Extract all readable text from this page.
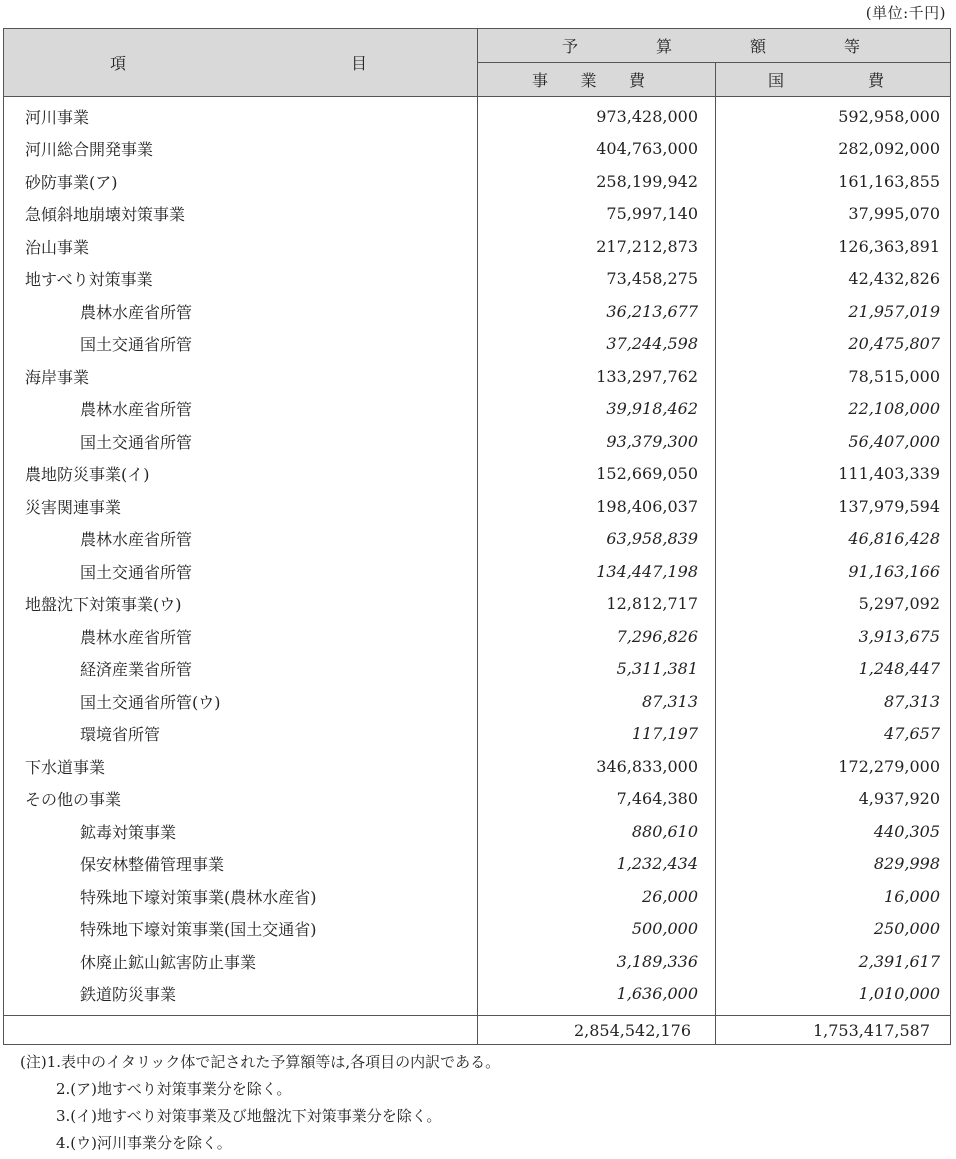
(単位:千円)
項 目	予 算 額 等	

	事 業 費	国 費

河川事業	973,428,000	592,958,000
河川総合開発事業	404,763,000	282,092,000
砂防事業(ア)	258,199,942	161,163,855
急傾斜地崩壊対策事業	75,997,140	37,995,070
治山事業	217,212,873	126,363,891
地すべり対策事業	73,458,275	42,432,826
農林水産省所管	36,213,677	21,957,019
国土交通省所管	37,244,598	20,475,807
海岸事業	133,297,762	78,515,000
農林水産省所管	39,918,462	22,108,000
国土交通省所管	93,379,300	56,407,000
農地防災事業(イ)	152,669,050	111,403,339
災害関連事業	198,406,037	137,979,594
農林水産省所管	63,958,839	46,816,428
国土交通省所管	134,447,198	91,163,166
地盤沈下対策事業(ウ)	12,812,717	5,297,092
農林水産省所管	7,296,826	3,913,675
経済産業省所管	5,311,381	1,248,447
国土交通省所管(ウ)	87,313	87,313
環境省所管	117,197	47,657
下水道事業	346,833,000	172,279,000
その他の事業	7,464,380	4,937,920
鉱毒対策事業	880,610	440,305
保安林整備管理事業	1,232,434	829,998
特殊地下壕対策事業(農林水産省)	26,000	16,000
特殊地下壕対策事業(国土交通省)	500,000	250,000
休廃止鉱山鉱害防止事業	3,189,336	2,391,617
鉄道防災事業	1,636,000	1,010,000
	2,854,542,176	1,753,417,587
(注)1.表中のイタリック体で記された予算額等は,各項目の内訳である。
2.(ア)地すべり対策事業分を除く。
3.(イ)地すべり対策事業及び地盤沈下対策事業分を除く。
4.(ウ)河川事業分を除く。
